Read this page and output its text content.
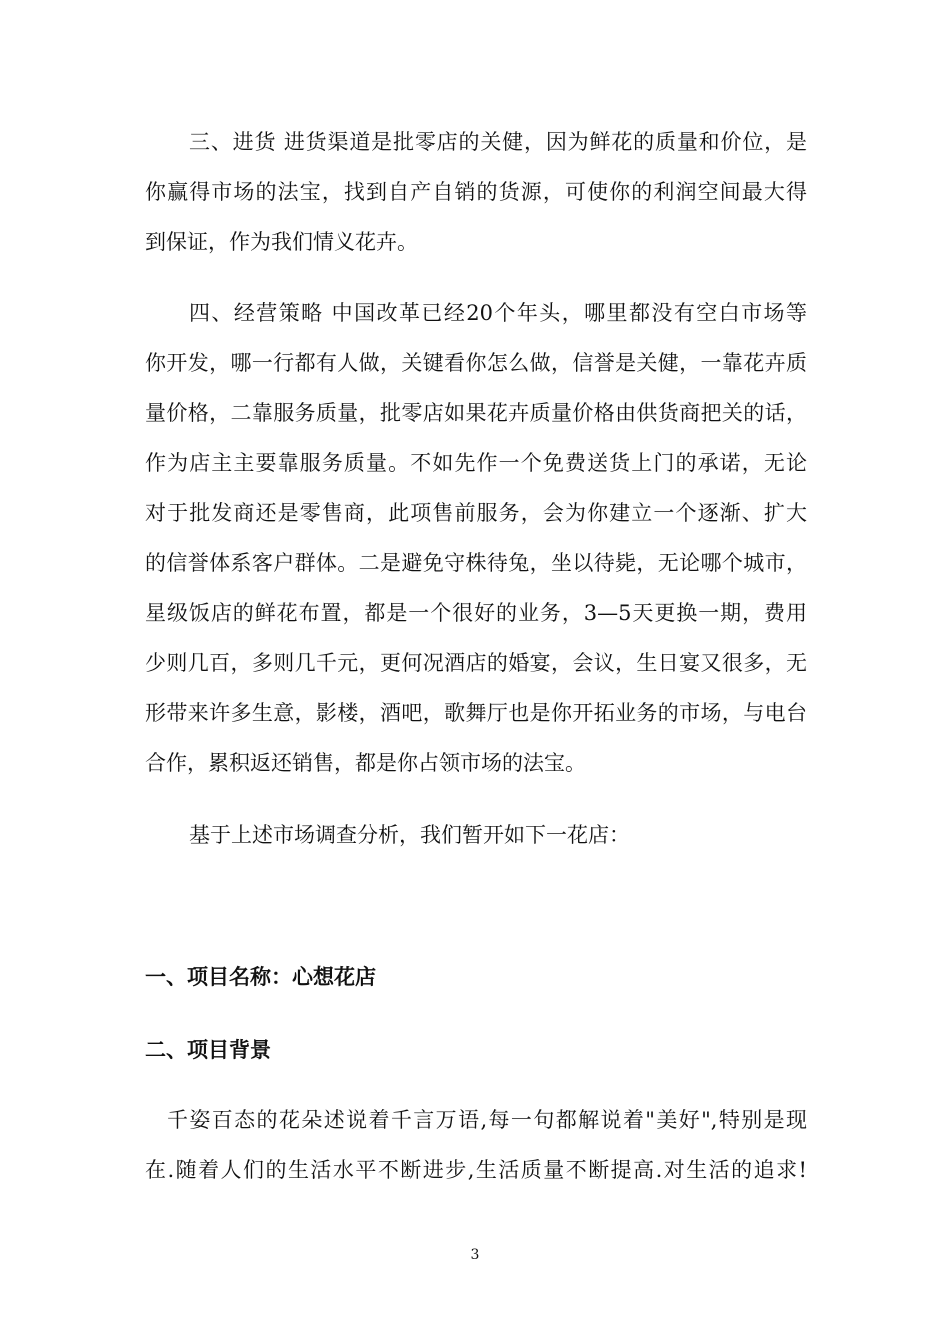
三、进货 进货渠道是批零店的关健，因为鲜花的质量和价位，是
你赢得市场的法宝，找到自产自销的货源，可使你的利润空间最大得
到保证，作为我们情义花卉。
四、经营策略 中国改革已经20个年头，哪里都没有空白市场等
你开发，哪一行都有人做，关键看你怎么做，信誉是关健，一靠花卉质
量价格，二靠服务质量，批零店如果花卉质量价格由供货商把关的话，
作为店主主要靠服务质量。不如先作一个免费送货上门的承诺，无论
对于批发商还是零售商，此项售前服务，会为你建立一个逐渐、扩大
的信誉体系客户群体。二是避免守株待兔，坐以待毙，无论哪个城市，
星级饭店的鲜花布置，都是一个很好的业务，3—5天更换一期，费用
少则几百，多则几千元，更何况酒店的婚宴，会议，生日宴又很多，无
形带来许多生意，影楼，酒吧，歌舞厅也是你开拓业务的市场，与电台
合作，累积返还销售，都是你占领市场的法宝。
基于上述市场调查分析，我们暂开如下一花店：
一、项目名称：心想花店
二、项目背景
千姿百态的花朵述说着千言万语,每一句都解说着"美好",特别是现
在.随着人们的生活水平不断进步,生活质量不断提高.对生活的追求!
3
